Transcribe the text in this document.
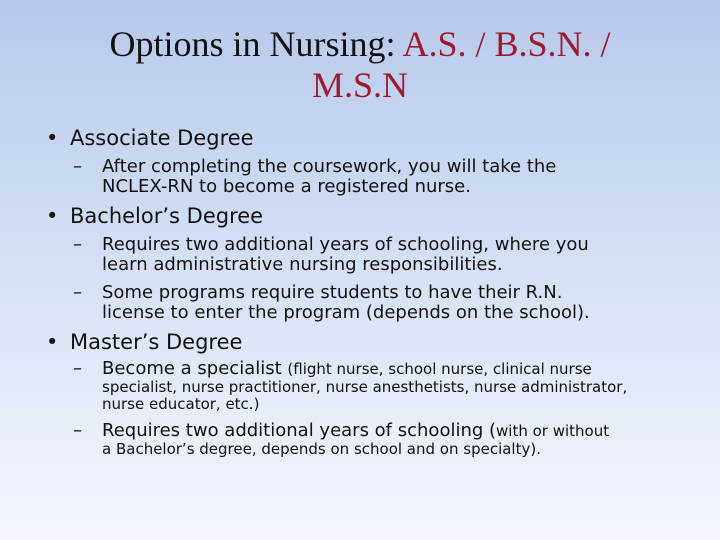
Options in Nursing: A.S. / B.S.N. /
M.S.N
• Associate Degree
–	After completing the coursework, you will take the
NCLEX-RN to become a registered nurse.
• Bachelor’s Degree
–	Requires two additional years of schooling, where you
learn administrative nursing responsibilities.
–	Some programs require students to have their R.N.
license to enter the program (depends on the school).
• Master’s Degree
–	Become a specialist (flight nurse, school nurse, clinical nurse
specialist, nurse practitioner, nurse anesthetists, nurse administrator,
nurse educator, etc.)
–	Requires two additional years of schooling (with or without
a Bachelor’s degree, depends on school and on specialty).
